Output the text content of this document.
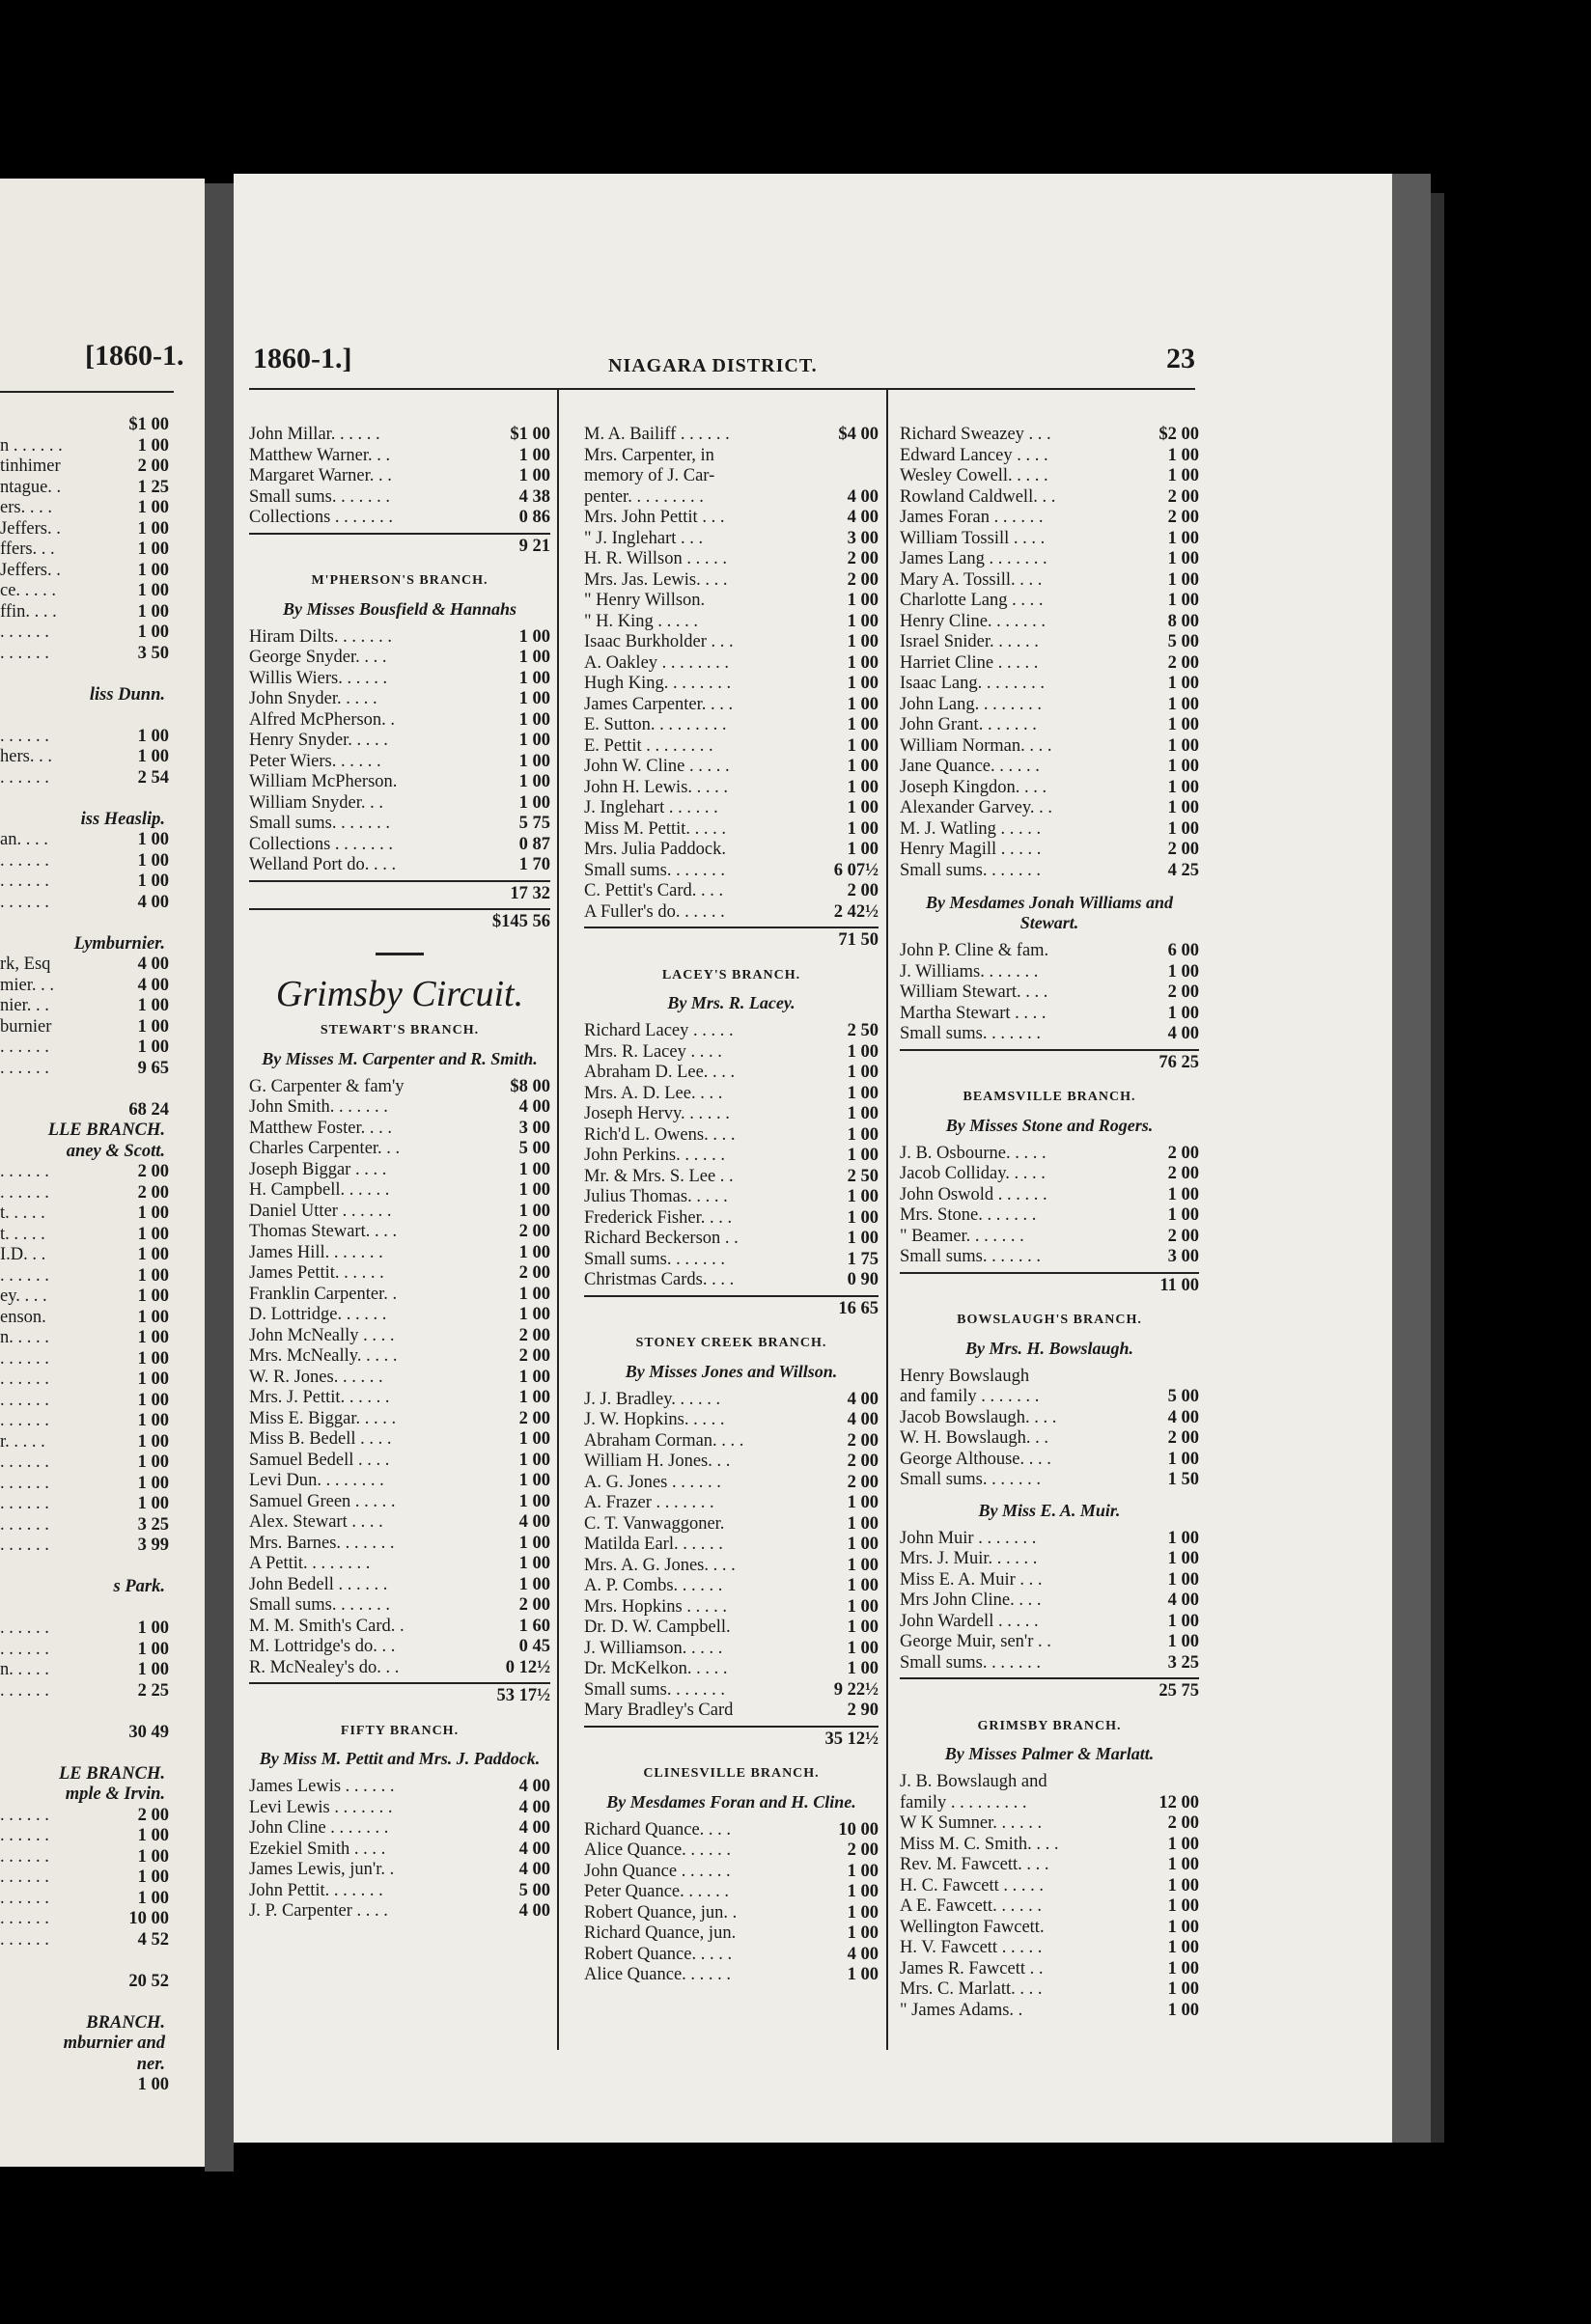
[1860-1.
$1 00
n . . . . . .	1 00
tinhimer	2 00
ntague. .	1 25
ers. . . .	1 00
Jeffers. .	1 00
ffers. . .	1 00
Jeffers. .	1 00
ce. . . . .	1 00
ffin. . . .	1 00
. . . . . .	1 00
. . . . . .	3 50
liss Dunn.
. . . . . .	1 00
hers. . .	1 00
. . . . . .	2 54
iss Heaslip.
an. . . .	1 00
. . . . . .	1 00
. . . . . .	1 00
. . . . . .	4 00
Lymburnier.
rk, Esq	4 00
mier. . .	4 00
nier. . .	1 00
burnier	1 00
. . . . . .	1 00
. . . . . .	9 65
68 24
LLE BRANCH.
aney & Scott.
. . . . . .	2 00
. . . . . .	2 00
t. . . . .	1 00
t. . . . .	1 00
I.D. . .	1 00
. . . . . .	1 00
ey. . . .	1 00
enson.	1 00
n. . . . .	1 00
. . . . . .	1 00
. . . . . .	1 00
. . . . . .	1 00
. . . . . .	1 00
r. . . . .	1 00
. . . . . .	1 00
. . . . . .	1 00
. . . . . .	1 00
. . . . . .	3 25
. . . . . .	3 99
s Park.
. . . . . .	1 00
. . . . . .	1 00
n. . . . .	1 00
. . . . . .	2 25
30 49
LE BRANCH.
mple & Irvin.
. . . . . .	2 00
. . . . . .	1 00
. . . . . .	1 00
. . . . . .	1 00
. . . . . .	1 00
. . . . . .	10 00
. . . . . .	4 52
20 52
BRANCH.
mburnier and
ner.
1 00
1860-1.]	NIAGARA DISTRICT.	23
John Millar. . . . . .	$1 00
Matthew Warner. . .	1 00
Margaret Warner. . .	1 00
Small sums. . . . . . .	4 38
Collections . . . . . . .	0 86
9 21
M'PHERSON'S BRANCH.
By Misses Bousfield & Hannahs
Hiram Dilts. . . . . . .	1 00
George Snyder. . . .	1 00
Willis Wiers. . . . . .	1 00
John Snyder. . . . .	1 00
Alfred McPherson. .	1 00
Henry Snyder. . . . .	1 00
Peter Wiers. . . . . .	1 00
William McPherson.	1 00
William Snyder. . .	1 00
Small sums. . . . . . .	5 75
Collections . . . . . . .	0 87
Welland Port do. . . .	1 70
17 32
$145 56
Grimsby Circuit.
STEWART'S BRANCH.
By Misses M. Carpenter and R. Smith.
G. Carpenter & fam'y	$8 00
John Smith. . . . . . .	4 00
Matthew Foster. . . .	3 00
Charles Carpenter. . .	5 00
Joseph Biggar . . . .	1 00
H. Campbell. . . . . .	1 00
Daniel Utter . . . . . .	1 00
Thomas Stewart. . . .	2 00
James Hill. . . . . . .	1 00
James Pettit. . . . . .	2 00
Franklin Carpenter. .	1 00
D. Lottridge. . . . . .	1 00
John McNeally . . . .	2 00
Mrs. McNeally. . . . .	2 00
W. R. Jones. . . . . .	1 00
Mrs. J. Pettit. . . . . .	1 00
Miss E. Biggar. . . . .	2 00
Miss B. Bedell . . . .	1 00
Samuel Bedell . . . .	1 00
Levi Dun. . . . . . . .	1 00
Samuel Green . . . . .	1 00
Alex. Stewart . . . .	4 00
Mrs. Barnes. . . . . . .	1 00
A Pettit. . . . . . . .	1 00
John Bedell . . . . . .	1 00
Small sums. . . . . . .	2 00
M. M. Smith's Card. .	1 60
M. Lottridge's do. . .	0 45
R. McNealey's do. . .	0 12½
53 17½
FIFTY BRANCH.
By Miss M. Pettit and Mrs. J. Paddock.
James Lewis . . . . . .	4 00
Levi Lewis . . . . . . .	4 00
John Cline . . . . . . .	4 00
Ezekiel Smith . . . .	4 00
James Lewis, jun'r. .	4 00
John Pettit. . . . . . .	5 00
J. P. Carpenter . . . .	4 00
M. A. Bailiff . . . . . .	$4 00
Mrs. Carpenter, in
memory of J. Car-
penter. . . . . . . . .	4 00
Mrs. John Pettit . . .	4 00
" J. Inglehart . . .	3 00
H. R. Willson . . . . .	2 00
Mrs. Jas. Lewis. . . .	2 00
" Henry Willson.	1 00
" H. King . . . . .	1 00
Isaac Burkholder . . .	1 00
A. Oakley . . . . . . . .	1 00
Hugh King. . . . . . . .	1 00
James Carpenter. . . .	1 00
E. Sutton. . . . . . . . .	1 00
E. Pettit . . . . . . . .	1 00
John W. Cline . . . . .	1 00
John H. Lewis. . . . .	1 00
J. Inglehart . . . . . .	1 00
Miss M. Pettit. . . . .	1 00
Mrs. Julia Paddock.	1 00
Small sums. . . . . . .	6 07½
C. Pettit's Card. . . .	2 00
A Fuller's do. . . . . .	2 42½
71 50
LACEY'S BRANCH.
By Mrs. R. Lacey.
Richard Lacey . . . . .	2 50
Mrs. R. Lacey . . . .	1 00
Abraham D. Lee. . . .	1 00
Mrs. A. D. Lee. . . .	1 00
Joseph Hervy. . . . . .	1 00
Rich'd L. Owens. . . .	1 00
John Perkins. . . . . .	1 00
Mr. & Mrs. S. Lee . .	2 50
Julius Thomas. . . . .	1 00
Frederick Fisher. . . .	1 00
Richard Beckerson . .	1 00
Small sums. . . . . . .	1 75
Christmas Cards. . . .	0 90
16 65
STONEY CREEK BRANCH.
By Misses Jones and Willson.
J. J. Bradley. . . . . .	4 00
J. W. Hopkins. . . . .	4 00
Abraham Corman. . . .	2 00
William H. Jones. . .	2 00
A. G. Jones . . . . . .	2 00
A. Frazer . . . . . . .	1 00
C. T. Vanwaggoner.	1 00
Matilda Earl. . . . . .	1 00
Mrs. A. G. Jones. . . .	1 00
A. P. Combs. . . . . .	1 00
Mrs. Hopkins . . . . .	1 00
Dr. D. W. Campbell.	1 00
J. Williamson. . . . .	1 00
Dr. McKelkon. . . . .	1 00
Small sums. . . . . . .	9 22½
Mary Bradley's Card	2 90
35 12½
CLINESVILLE BRANCH.
By Mesdames Foran and H. Cline.
Richard Quance. . . .	10 00
Alice Quance. . . . . .	2 00
John Quance . . . . . .	1 00
Peter Quance. . . . . .	1 00
Robert Quance, jun. .	1 00
Richard Quance, jun.	1 00
Robert Quance. . . . .	4 00
Alice Quance. . . . . .	1 00
Richard Sweazey . . .	$2 00
Edward Lancey . . . .	1 00
Wesley Cowell. . . . .	1 00
Rowland Caldwell. . .	2 00
James Foran . . . . . .	2 00
William Tossill . . . .	1 00
James Lang . . . . . . .	1 00
Mary A. Tossill. . . .	1 00
Charlotte Lang . . . .	1 00
Henry Cline. . . . . . .	8 00
Israel Snider. . . . . .	5 00
Harriet Cline . . . . .	2 00
Isaac Lang. . . . . . . .	1 00
John Lang. . . . . . . .	1 00
John Grant. . . . . . .	1 00
William Norman. . . .	1 00
Jane Quance. . . . . .	1 00
Joseph Kingdon. . . .	1 00
Alexander Garvey. . .	1 00
M. J. Watling . . . . .	1 00
Henry Magill . . . . .	2 00
Small sums. . . . . . .	4 25
By Mesdames Jonah Williams and Stewart.
John P. Cline & fam.	6 00
J. Williams. . . . . . .	1 00
William Stewart. . . .	2 00
Martha Stewart . . . .	1 00
Small sums. . . . . . .	4 00
76 25
BEAMSVILLE BRANCH.
By Misses Stone and Rogers.
J. B. Osbourne. . . . .	2 00
Jacob Colliday. . . . .	2 00
John Oswold . . . . . .	1 00
Mrs. Stone. . . . . . .	1 00
" Beamer. . . . . . .	2 00
Small sums. . . . . . .	3 00
11 00
BOWSLAUGH'S BRANCH.
By Mrs. H. Bowslaugh.
Henry Bowslaugh
and family . . . . . . .	5 00
Jacob Bowslaugh. . . .	4 00
W. H. Bowslaugh. . .	2 00
George Althouse. . . .	1 00
Small sums. . . . . . .	1 50
By Miss E. A. Muir.
John Muir . . . . . . .	1 00
Mrs. J. Muir. . . . . .	1 00
Miss E. A. Muir . . .	1 00
Mrs John Cline. . . .	4 00
John Wardell . . . . .	1 00
George Muir, sen'r . .	1 00
Small sums. . . . . . .	3 25
25 75
GRIMSBY BRANCH.
By Misses Palmer & Marlatt.
J. B. Bowslaugh and
family . . . . . . . . .	12 00
W K Sumner. . . . . .	2 00
Miss M. C. Smith. . . .	1 00
Rev. M. Fawcett. . . .	1 00
H. C. Fawcett . . . . .	1 00
A E. Fawcett. . . . . .	1 00
Wellington Fawcett.	1 00
H. V. Fawcett . . . . .	1 00
James R. Fawcett . .	1 00
Mrs. C. Marlatt. . . .	1 00
" James Adams. .	1 00
